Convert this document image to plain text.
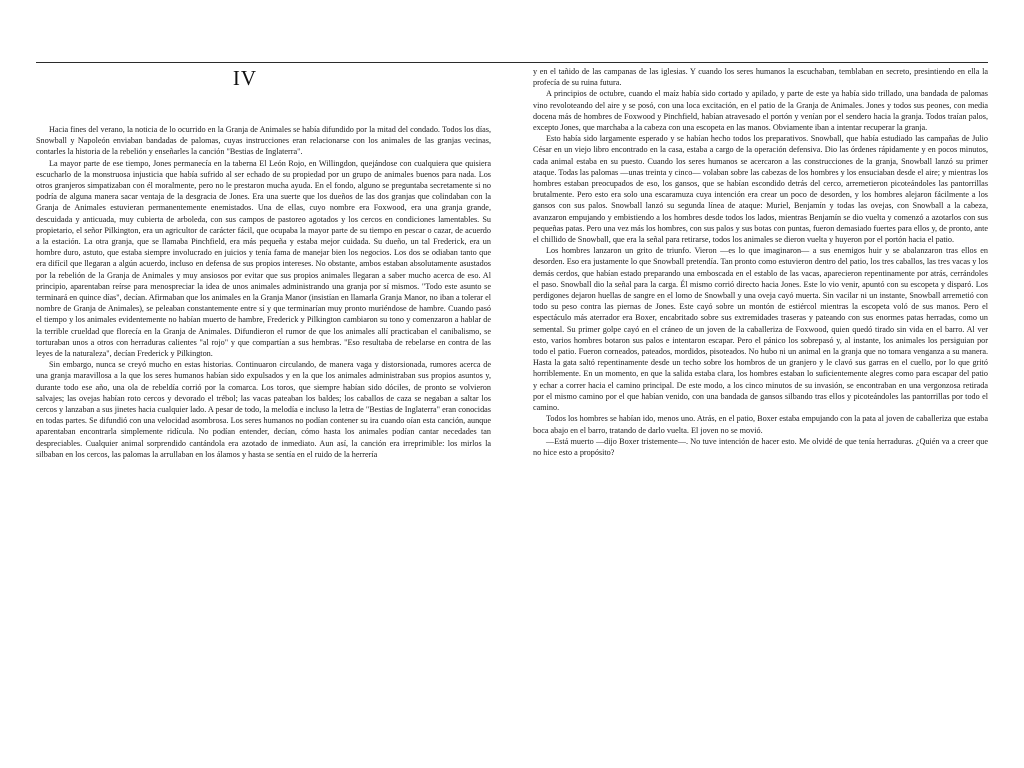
IV

Hacia fines del verano, la noticia de lo ocurrido en la Granja de Animales se había difundido por la mitad del condado. Todos los días, Snowball y Napoleón enviaban bandadas de palomas, cuyas instrucciones eran relacionarse con los animales de las granjas vecinas, contarles la historia de la rebelión y enseñarles la canción "Bestias de Inglaterra".

La mayor parte de ese tiempo, Jones permanecía en la taberna El León Rojo, en Willingdon, quejándose con cualquiera que quisiera escucharlo de la monstruosa injusticia que había sufrido al ser echado de su propiedad por un grupo de animales buenos para nada. Los otros granjeros simpatizaban con él moralmente, pero no le prestaron mucha ayuda. En el fondo, alguno se preguntaba secretamente si no podría de alguna manera sacar ventaja de la desgracia de Jones. Era una suerte que los dueños de las dos granjas que colindaban con la Granja de Animales estuvieran permanentemente enemistados. Una de ellas, cuyo nombre era Foxwood, era una granja grande, descuidada y anticuada, muy cubierta de arboleda, con sus campos de pastoreo agotados y los cercos en condiciones lamentables. Su propietario, el señor Pilkington, era un agricultor de carácter fácil, que ocupaba la mayor parte de su tiempo en pescar o cazar, de acuerdo a la estación. La otra granja, que se llamaba Pinchfield, era más pequeña y estaba mejor cuidada. Su dueño, un tal Frederick, era un hombre duro, astuto, que estaba siempre involucrado en juicios y tenía fama de manejar bien los negocios. Los dos se odiaban tanto que era difícil que llegaran a algún acuerdo, incluso en defensa de sus propios intereses. No obstante, ambos estaban absolutamente asustados por la rebelión de la Granja de Animales y muy ansiosos por evitar que sus propios animales llegaran a saber mucho acerca de eso. Al principio, aparentaban reírse para menospreciar la idea de unos animales administrando una granja por sí mismos. "Todo este asunto se terminará en quince días", decían. Afirmaban que los animales en la Granja Manor (insistían en llamarla Granja Manor, no iban a tolerar el nombre de Granja de Animales), se peleaban constantemente entre sí y que terminarían muy pronto muriéndose de hambre. Cuando pasó el tiempo y los animales evidentemente no habían muerto de hambre, Frederick y Pilkington cambiaron su tono y comenzaron a hablar de la terrible crueldad que florecía en la Granja de Animales. Difundieron el rumor de que los animales allí practicaban el canibalismo, se torturaban unos a otros con herraduras calientes "al rojo" y que compartían a sus hembras. "Eso resultaba de rebelarse en contra de las leyes de la naturaleza", decían Frederick y Pilkington.

Sin embargo, nunca se creyó mucho en estas historias. Continuaron circulando, de manera vaga y distorsionada, rumores acerca de una granja maravillosa a la que los seres humanos habían sido expulsados y en la que los animales administraban sus propios asuntos y, durante todo ese año, una ola de rebeldía corrió por la comarca. Los toros, que siempre habían sido dóciles, de pronto se volvieron salvajes; las ovejas habían roto cercos y devorado el trébol; las vacas pateaban los baldes; los caballos de caza se negaban a saltar los cercos y lanzaban a sus jinetes hacia cualquier lado. A pesar de todo, la melodía e incluso la letra de "Bestias de Inglaterra" eran conocidas en todas partes. Se difundió con una velocidad asombrosa. Los seres humanos no podían contener su ira cuando oían esta canción, aunque aparentaban encontrarla simplemente ridícula. No podían entender, decían, cómo hasta los animales podían cantar necedades tan despreciables. Cualquier animal sorprendido cantándola era azotado de inmediato. Aun así, la canción era irreprimible: los mirlos la silbaban en los cercos, las palomas la arrullaban en los álamos y hasta se sentía en el ruido de la herrería

y en el tañido de las campanas de las iglesias. Y cuando los seres humanos la escuchaban, temblaban en secreto, presintiendo en ella la profecía de su ruina futura.

A principios de octubre, cuando el maíz había sido cortado y apilado, y parte de este ya había sido trillado, una bandada de palomas vino revoloteando del aire y se posó, con una loca excitación, en el patio de la Granja de Animales. Jones y todos sus peones, con media docena más de hombres de Foxwood y Pinchfield, habían atravesado el portón y venían por el sendero hacia la granja. Todos traían palos, excepto Jones, que marchaba a la cabeza con una escopeta en las manos. Obviamente iban a intentar recuperar la granja.

Esto había sido largamente esperado y se habían hecho todos los preparativos. Snowball, que había estudiado las campañas de Julio César en un viejo libro encontrado en la casa, estaba a cargo de la operación defensiva. Dio las órdenes rápidamente y en pocos minutos, cada animal estaba en su puesto. Cuando los seres humanos se acercaron a las construcciones de la granja, Snowball lanzó su primer ataque. Todas las palomas —unas treinta y cinco— volaban sobre las cabezas de los hombres y los ensuciaban desde el aire; y mientras los hombres estaban preocupados de eso, los gansos, que se habían escondido detrás del cerco, arremetieron picoteándoles las pantorrillas brutalmente. Pero esto era solo una escaramuza cuya intención era crear un poco de desorden, y los hombres alejaron fácilmente a los gansos con sus palos. Snowball lanzó su segunda línea de ataque: Muriel, Benjamín y todas las ovejas, con Snowball a la cabeza, avanzaron empujando y embistiendo a los hombres desde todos los lados, mientras Benjamín se dio vuelta y comenzó a azotarlos con sus pequeñas patas. Pero una vez más los hombres, con sus palos y sus botas con puntas, fueron demasiado fuertes para ellos y, de pronto, ante el chillido de Snowball, que era la señal para retirarse, todos los animales se dieron vuelta y huyeron por el portón hacia el patio.

Los hombres lanzaron un grito de triunfo. Vieron —es lo que imaginaron— a sus enemigos huir y se abalanzaron tras ellos en desorden. Eso era justamente lo que Snowball pretendía. Tan pronto como estuvieron dentro del patio, los tres caballos, las tres vacas y los demás cerdos, que habían estado preparando una emboscada en el establo de las vacas, aparecieron repentinamente por atrás, cerrándoles el paso. Snowball dio la señal para la carga. Él mismo corrió directo hacia Jones. Este lo vio venir, apuntó con su escopeta y disparó. Los perdigones dejaron huellas de sangre en el lomo de Snowball y una oveja cayó muerta. Sin vacilar ni un instante, Snowball arremetió con todo su peso contra las piernas de Jones. Este cayó sobre un montón de estiércol mientras la escopeta voló de sus manos. Pero el espectáculo más aterrador era Boxer, encabritado sobre sus extremidades traseras y pateando con sus enormes patas herradas, como un semental. Su primer golpe cayó en el cráneo de un joven de la caballeriza de Foxwood, quien quedó tirado sin vida en el barro. Al ver esto, varios hombres botaron sus palos e intentaron escapar. Pero el pánico los sobrepasó y, al instante, los animales los persiguian por todo el patio. Fueron corneados, pateados, mordidos, pisoteados. No hubo ni un animal en la granja que no tomara venganza a su manera. Hasta la gata saltó repentinamente desde un techo sobre los hombros de un granjero y le clavó sus garras en el cuello, por lo que gritó horriblemente. En un momento, en que la salida estaba clara, los hombres estaban lo suficientemente alegres como para escapar del patio y echar a correr hacia el camino principal. De este modo, a los cinco minutos de su invasión, se encontraban en una vergonzosa retirada por el mismo camino por el que habían venido, con una bandada de gansos silbando tras ellos y picoteándoles las pantorrillas por todo el camino.

Todos los hombres se habían ido, menos uno. Atrás, en el patio, Boxer estaba empujando con la pata al joven de caballeriza que estaba boca abajo en el barro, tratando de darlo vuelta. El joven no se movió.

—Está muerto —dijo Boxer tristemente—. No tuve intención de hacer esto. Me olvidé de que tenía herraduras. ¿Quién va a creer que no hice esto a propósito?
